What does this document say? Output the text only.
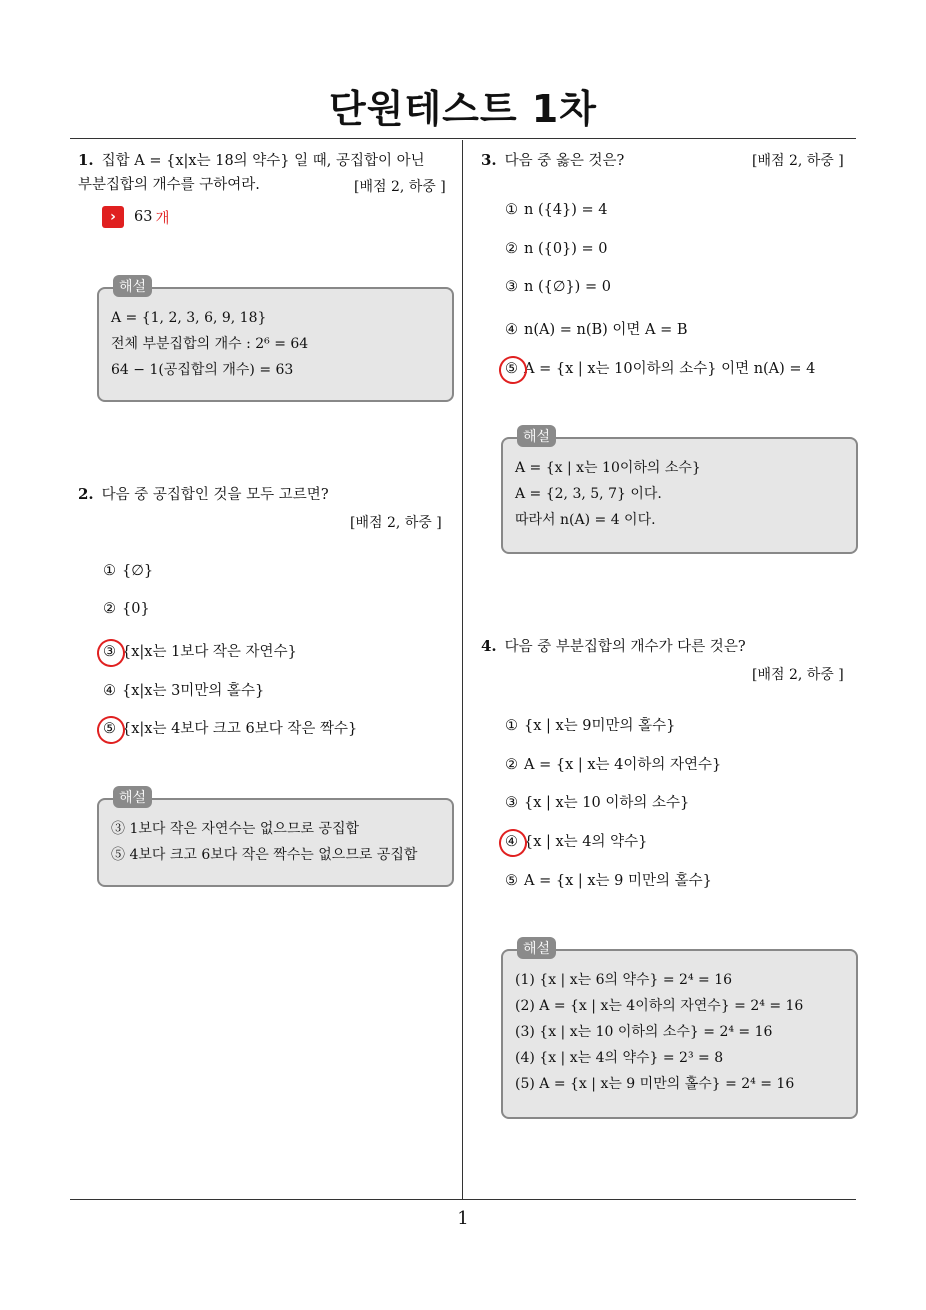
단원테스트 1차
1
1. 집합 A = {x|x는 18의 약수} 일 때, 공집합이 아닌
부분집합의 개수를 구하여라.	[배점 2, 하중 ]
›	63 개
해설
A = {1, 2, 3, 6, 9, 18}
전체 부분집합의 개수 : 2⁶ = 64
64 − 1(공집합의 개수) = 63
2. 다음 중 공집합인 것을 모두 고르면?
[배점 2, 하중 ]
① {∅}
② {0}
③ {x|x는 1보다 작은 자연수}
④ {x|x는 3미만의 홀수}
⑤ {x|x는 4보다 크고 6보다 작은 짝수}
해설
③ 1보다 작은 자연수는 없으므로 공집합
⑤ 4보다 크고 6보다 작은 짝수는 없으므로 공집합
3. 다음 중 옳은 것은?	[배점 2, 하중 ]
① n ({4}) = 4
② n ({0}) = 0
③ n ({∅}) = 0
④ n(A) = n(B) 이면 A = B
⑤ A = {x | x는 10이하의 소수} 이면 n(A) = 4
해설
A = {x | x는 10이하의 소수}
A = {2, 3, 5, 7} 이다.
따라서 n(A) = 4 이다.
4. 다음 중 부분집합의 개수가 다른 것은?
[배점 2, 하중 ]
① {x | x는 9미만의 홀수}
② A = {x | x는 4이하의 자연수}
③ {x | x는 10 이하의 소수}
④ {x | x는 4의 약수}
⑤ A = {x | x는 9 미만의 홀수}
해설
(1) {x | x는 6의 약수} = 2⁴ = 16
(2) A = {x | x는 4이하의 자연수} = 2⁴ = 16
(3) {x | x는 10 이하의 소수} = 2⁴ = 16
(4) {x | x는 4의 약수} = 2³ = 8
(5) A = {x | x는 9 미만의 홀수} = 2⁴ = 16
